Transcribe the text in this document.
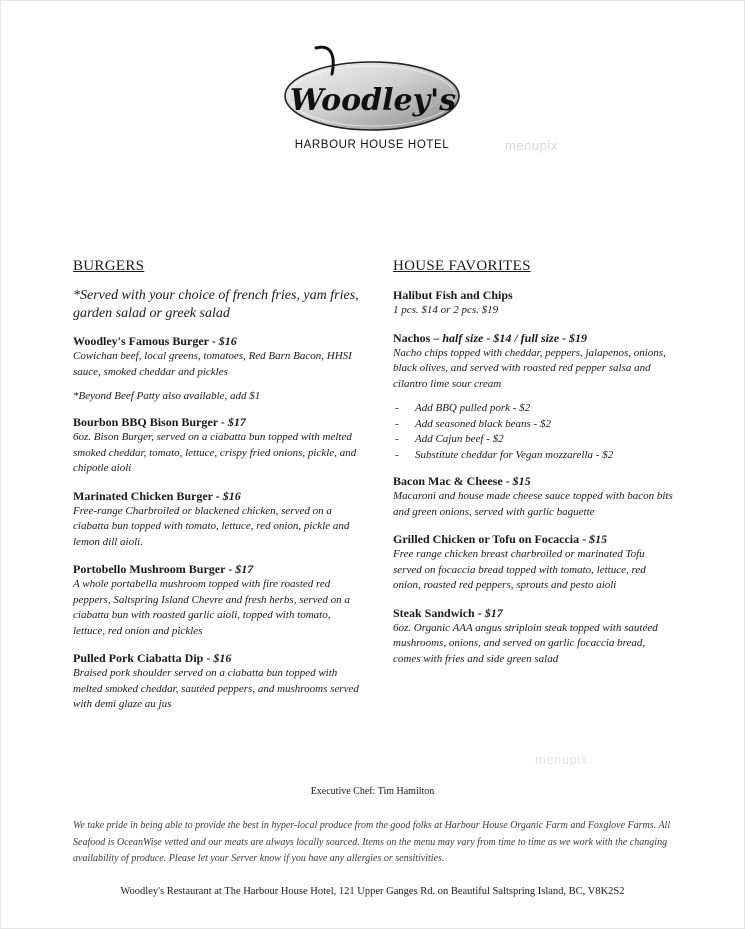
Woodley's
HARBOUR HOUSE HOTEL	menupix
menupix
BURGERS
*Served with your choice of french fries, yam fries, garden salad or greek salad
Woodley's Famous Burger - $16
Cowichan beef, local greens, tomatoes, Red Barn Bacon, HHSI sauce, smoked cheddar and pickles
*Beyond Beef Patty also available, add $1
Bourbon BBQ Bison Burger - $17
6oz. Bison Burger, served on a ciabatta bun topped with melted smoked cheddar, tomato, lettuce, crispy fried onions, pickle, and chipotle aioli
Marinated Chicken Burger - $16
Free-range Charbroiled or blackened chicken, served on a ciabatta bun topped with tomato, lettuce, red onion, pickle and lemon dill aioli.
Portobello Mushroom Burger - $17
A whole portabella mushroom topped with fire roasted red peppers, Saltspring Island Chevre and fresh herbs, served on a ciabatta bun with roasted garlic aioli, topped with tomato, lettuce, red onion and pickles
Pulled Pork Ciabatta Dip - $16
Braised pork shoulder served on a ciabatta bun topped with melted smoked cheddar, sautéed peppers, and mushrooms served with demi glaze au jus
HOUSE FAVORITES
Halibut Fish and Chips
1 pcs. $14 or 2 pcs. $19
Nachos – half size - $14 / full size - $19
Nacho chips topped with cheddar, peppers, jalapenos, onions, black olives, and served with roasted red pepper salsa and cilantro lime sour cream
- Add BBQ pulled pork - $2
- Add seasoned black beans - $2
- Add Cajun beef - $2
- Substitute cheddar for Vegan mozzarella - $2
Bacon Mac & Cheese - $15
Macaroni and house made cheese sauce topped with bacon bits and green onions, served with garlic baguette
Grilled Chicken or Tofu on Focaccia - $15
Free range chicken breast charbroiled or marinated Tofu served on focaccia bread topped with tomato, lettuce, red onion, roasted red peppers, sprouts and pesto aioli
Steak Sandwich - $17
6oz. Organic AAA angus striploin steak topped with sautéed mushrooms, onions, and served on garlic focaccia bread, comes with fries and side green salad
Executive Chef: Tim Hamilton
We take pride in being able to provide the best in hyper-local produce from the good folks at Harbour House Organic Farm and Foxglove Farms. All Seafood is OceanWise vetted and our meats are always locally sourced. Items on the menu may vary from time to time as we work with the changing availability of produce. Please let your Server know if you have any allergies or sensitivities.
Woodley's Restaurant at The Harbour House Hotel, 121 Upper Ganges Rd. on Beautiful Saltspring Island, BC, V8K2S2
